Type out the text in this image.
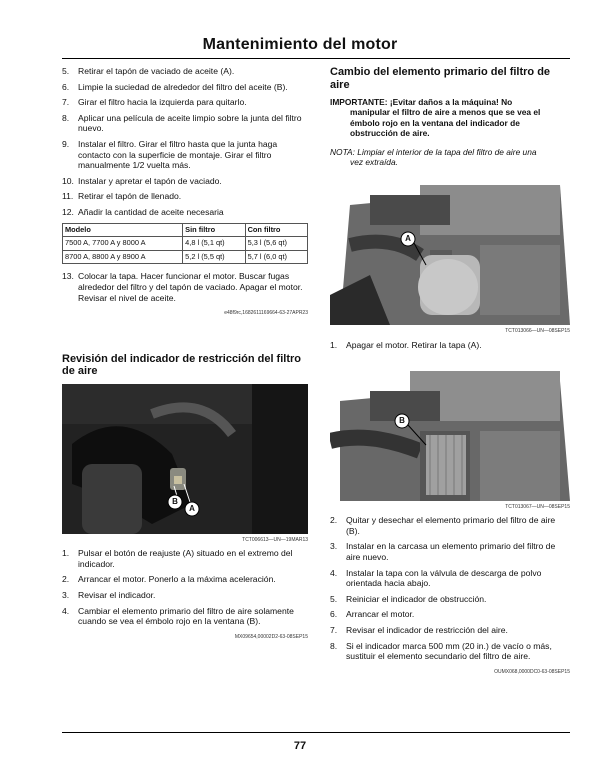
Mantenimiento del motor
5.	Retirar el tapón de vaciado de aceite (A).
6.	Limpie la suciedad de alrededor del filtro del aceite (B).
7.	Girar el filtro hacia la izquierda para quitarlo.
8.	Aplicar una película de aceite limpio sobre la junta del filtro nuevo.
9.	Instalar el filtro. Girar el filtro hasta que la junta haga contacto con la superficie de montaje. Girar el filtro manualmente 1/2 vuelta más.
10. Instalar y apretar el tapón de vaciado.
11. Retirar el tapón de llenado.
12. Añadir la cantidad de aceite necesaria
Modelo	Sin filtro	Con filtro
7500 A, 7700 A y 8000 A	4,8 l (5,1 qt)	5,3 l (5,6 qt)
8700 A, 8800 A y 8900 A	5,2 l (5,5 qt)	5,7 l (6,0 qt)
13. Colocar la tapa. Hacer funcionar el motor. Buscar fugas alrededor del filtro y del tapón de vaciado. Apagar el motor. Revisar el nivel de aceite.
e48f9rc,1682611169664-63-27APR23
Revisión del indicador de restricción del filtro de aire
B
A
TCT006613—UN—19MAR13
1.	Pulsar el botón de reajuste (A) situado en el extremo del indicador.
2.	Arrancar el motor. Ponerlo a la máxima aceleración.
3.	Revisar el indicador.
4.	Cambiar el elemento primario del filtro de aire solamente cuando se vea el émbolo rojo en la ventana (B).
MX09654,00002D2-63-08SEP15
Cambio del elemento primario del filtro de aire
IMPORTANTE: ¡Evitar daños a la máquina! No
manipular el filtro de aire a menos que se vea el émbolo rojo en la ventana del indicador de obstrucción de aire.
NOTA: Limpiar el interior de la tapa del filtro de aire una
vez extraída.
A
TCT013066—UN—08SEP15
1.	Apagar el motor. Retirar la tapa (A).
B
TCT013067—UN—08SEP15
2.	Quitar y desechar el elemento primario del filtro de aire (B).
3.	Instalar en la carcasa un elemento primario del filtro de aire nuevo.
4.	Instalar la tapa con la válvula de descarga de polvo orientada hacia abajo.
5.	Reiniciar el indicador de obstrucción.
6.	Arrancar el motor.
7.	Revisar el indicador de restricción del aire.
8.	Si el indicador marca 500 mm (20 in.) de vacío o más, sustituir el elemento secundario del filtro de aire.
OUMX068,0000DC0-63-08SEP15
77
